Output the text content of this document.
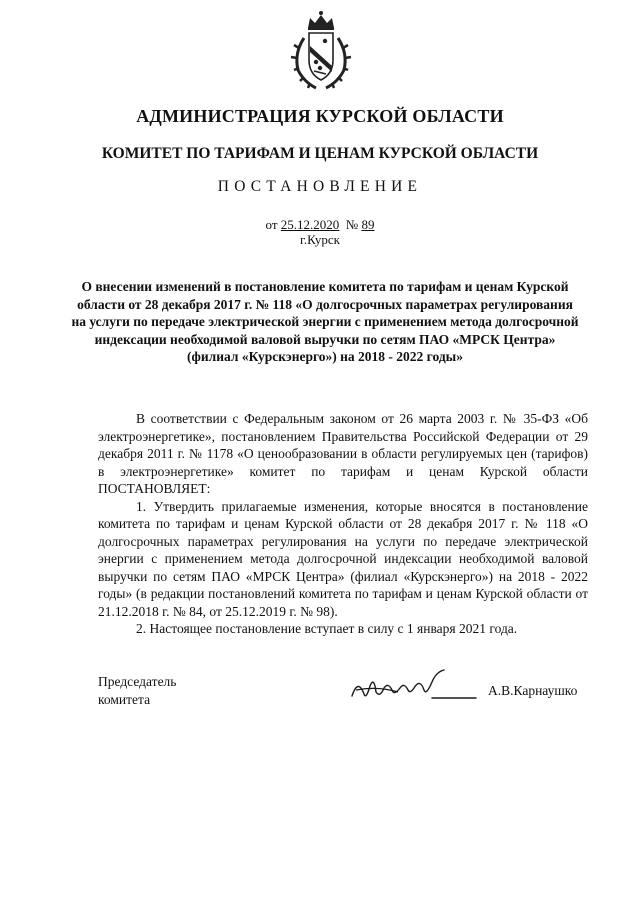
АДМИНИСТРАЦИЯ КУРСКОЙ ОБЛАСТИ
КОМИТЕТ ПО ТАРИФАМ И ЦЕНАМ КУРСКОЙ ОБЛАСТИ
ПОСТАНОВЛЕНИЕ
от 25.12.2020 № 89
г.Курск
О внесении изменений в постановление комитета по тарифам и ценам Курской области от 28 декабря 2017 г. № 118 «О долгосрочных параметрах регулирования на услуги по передаче электрической энергии с применением метода долгосрочной индексации необходимой валовой выручки по сетям ПАО «МРСК Центра» (филиал «Курскэнерго») на 2018 - 2022 годы»

В соответствии с Федеральным законом от 26 марта 2003 г. № 35-ФЗ «Об электроэнергетике», постановлением Правительства Российской Федерации от 29 декабря 2011 г. № 1178 «О ценообразовании в области регулируемых цен (тарифов) в электроэнергетике» комитет по тарифам и ценам Курской области ПОСТАНОВЛЯЕТ:

1. Утвердить прилагаемые изменения, которые вносятся в постановление комитета по тарифам и ценам Курской области от 28 декабря 2017 г. № 118 «О долгосрочных параметрах регулирования на услуги по передаче электрической энергии с применением метода долгосрочной индексации необходимой валовой выручки по сетям ПАО «МРСК Центра» (филиал «Курскэнерго») на 2018 - 2022 годы» (в редакции постановлений комитета по тарифам и ценам Курской области от 21.12.2018 г. № 84, от 25.12.2019 г. № 98).

2. Настоящее постановление вступает в силу с 1 января 2021 года.

Председатель
комитета
А.В.Карнаушко
